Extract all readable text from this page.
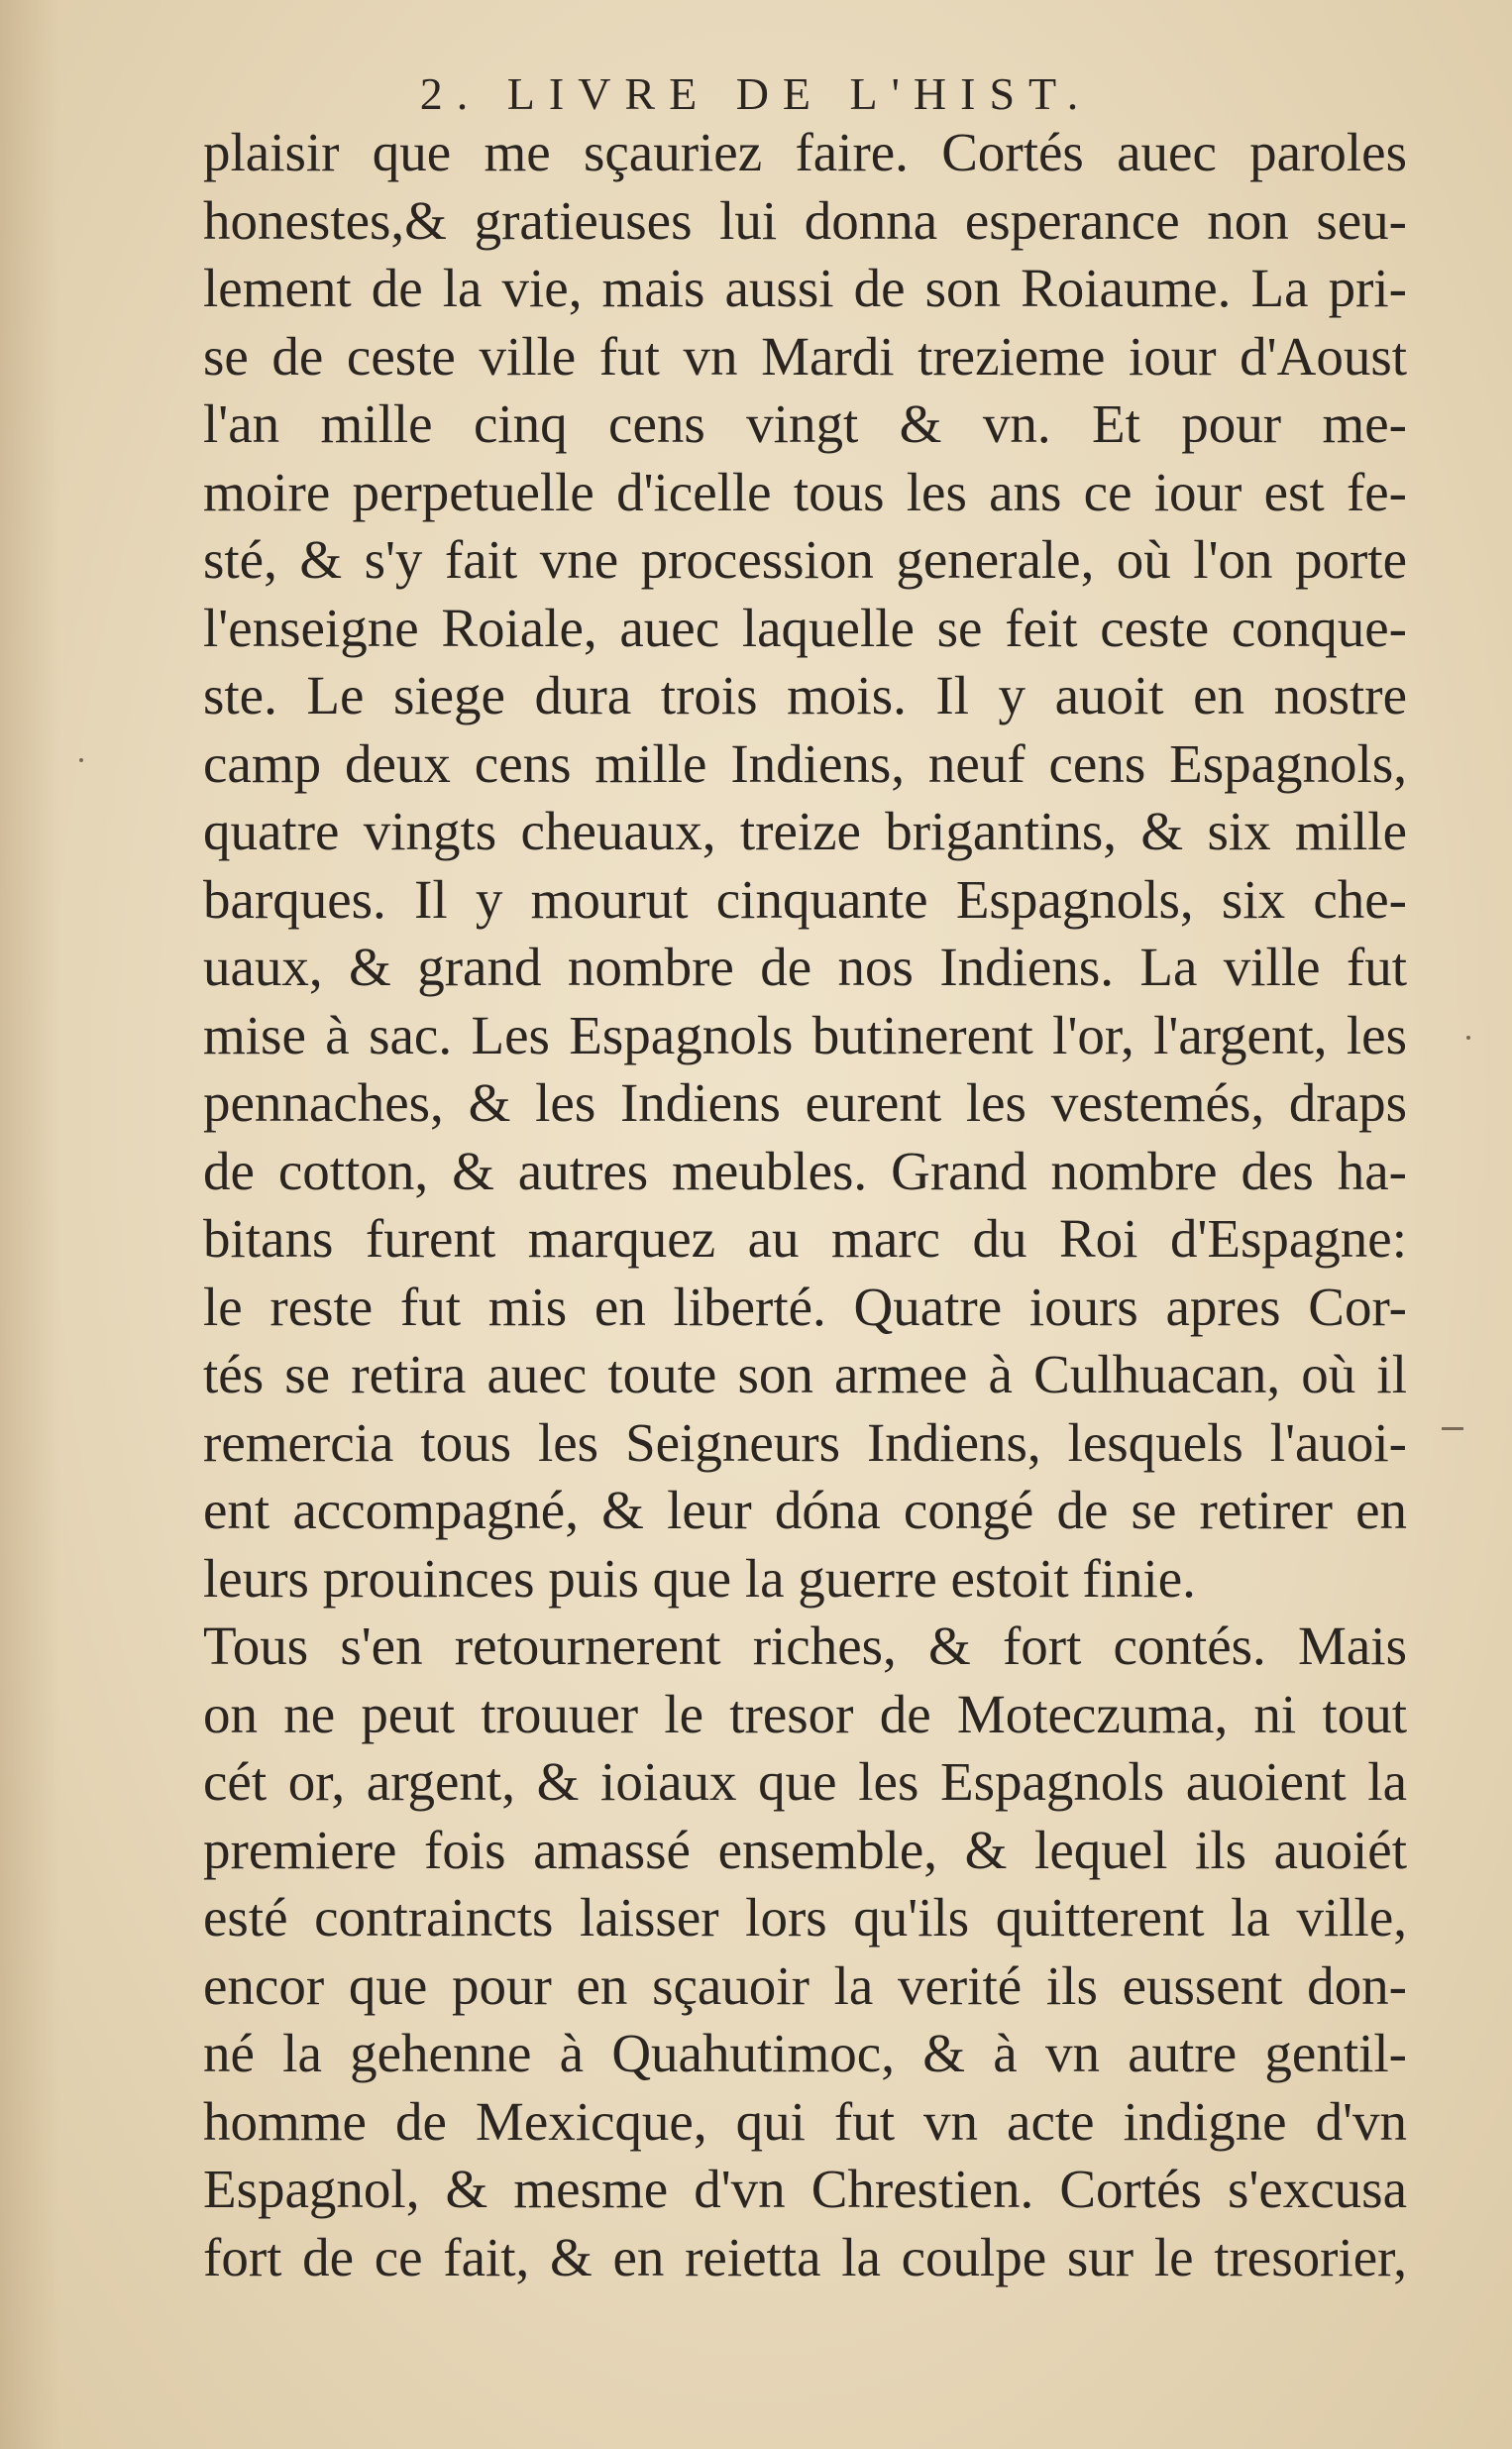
2. LIVRE DE L'HIST.
plaisir que me sçauriez faire. Cortés auec paroles
honestes,& gratieuses lui donna esperance non seu-
lement de la vie, mais aussi de son Roiaume. La pri-
se de ceste ville fut vn Mardi trezieme iour d'Aoust
l'an mille cinq cens vingt & vn. Et pour me-
moire perpetuelle d'icelle tous les ans ce iour est fe-
sté, & s'y fait vne procession generale, où l'on porte
l'enseigne Roiale, auec laquelle se feit ceste conque-
ste. Le siege dura trois mois. Il y auoit en nostre
camp deux cens mille Indiens, neuf cens Espagnols,
quatre vingts cheuaux, treize brigantins, & six mille
barques. Il y mourut cinquante Espagnols, six che-
uaux, & grand nombre de nos Indiens. La ville fut
mise à sac. Les Espagnols butinerent l'or, l'argent, les
pennaches, & les Indiens eurent les vestemés, draps
de cotton, & autres meubles. Grand nombre des ha-
bitans furent marquez au marc du Roi d'Espagne:
le reste fut mis en liberté. Quatre iours apres Cor-
tés se retira auec toute son armee à Culhuacan, où il
remercia tous les Seigneurs Indiens, lesquels l'auoi-
ent accompagné, & leur dóna congé de se retirer en
leurs prouinces puis que la guerre estoit finie.
Tous s'en retournerent riches, & fort contés. Mais
on ne peut trouuer le tresor de Moteczuma, ni tout
cét or, argent, & ioiaux que les Espagnols auoient la
premiere fois amassé ensemble, & lequel ils auoiét
esté contraincts laisser lors qu'ils quitterent la ville,
encor que pour en sçauoir la verité ils eussent don-
né la gehenne à Quahutimoc, & à vn autre gentil-
homme de Mexicque, qui fut vn acte indigne d'vn
Espagnol, & mesme d'vn Chrestien. Cortés s'excusa
fort de ce fait, & en reietta la coulpe sur le tresorier,
